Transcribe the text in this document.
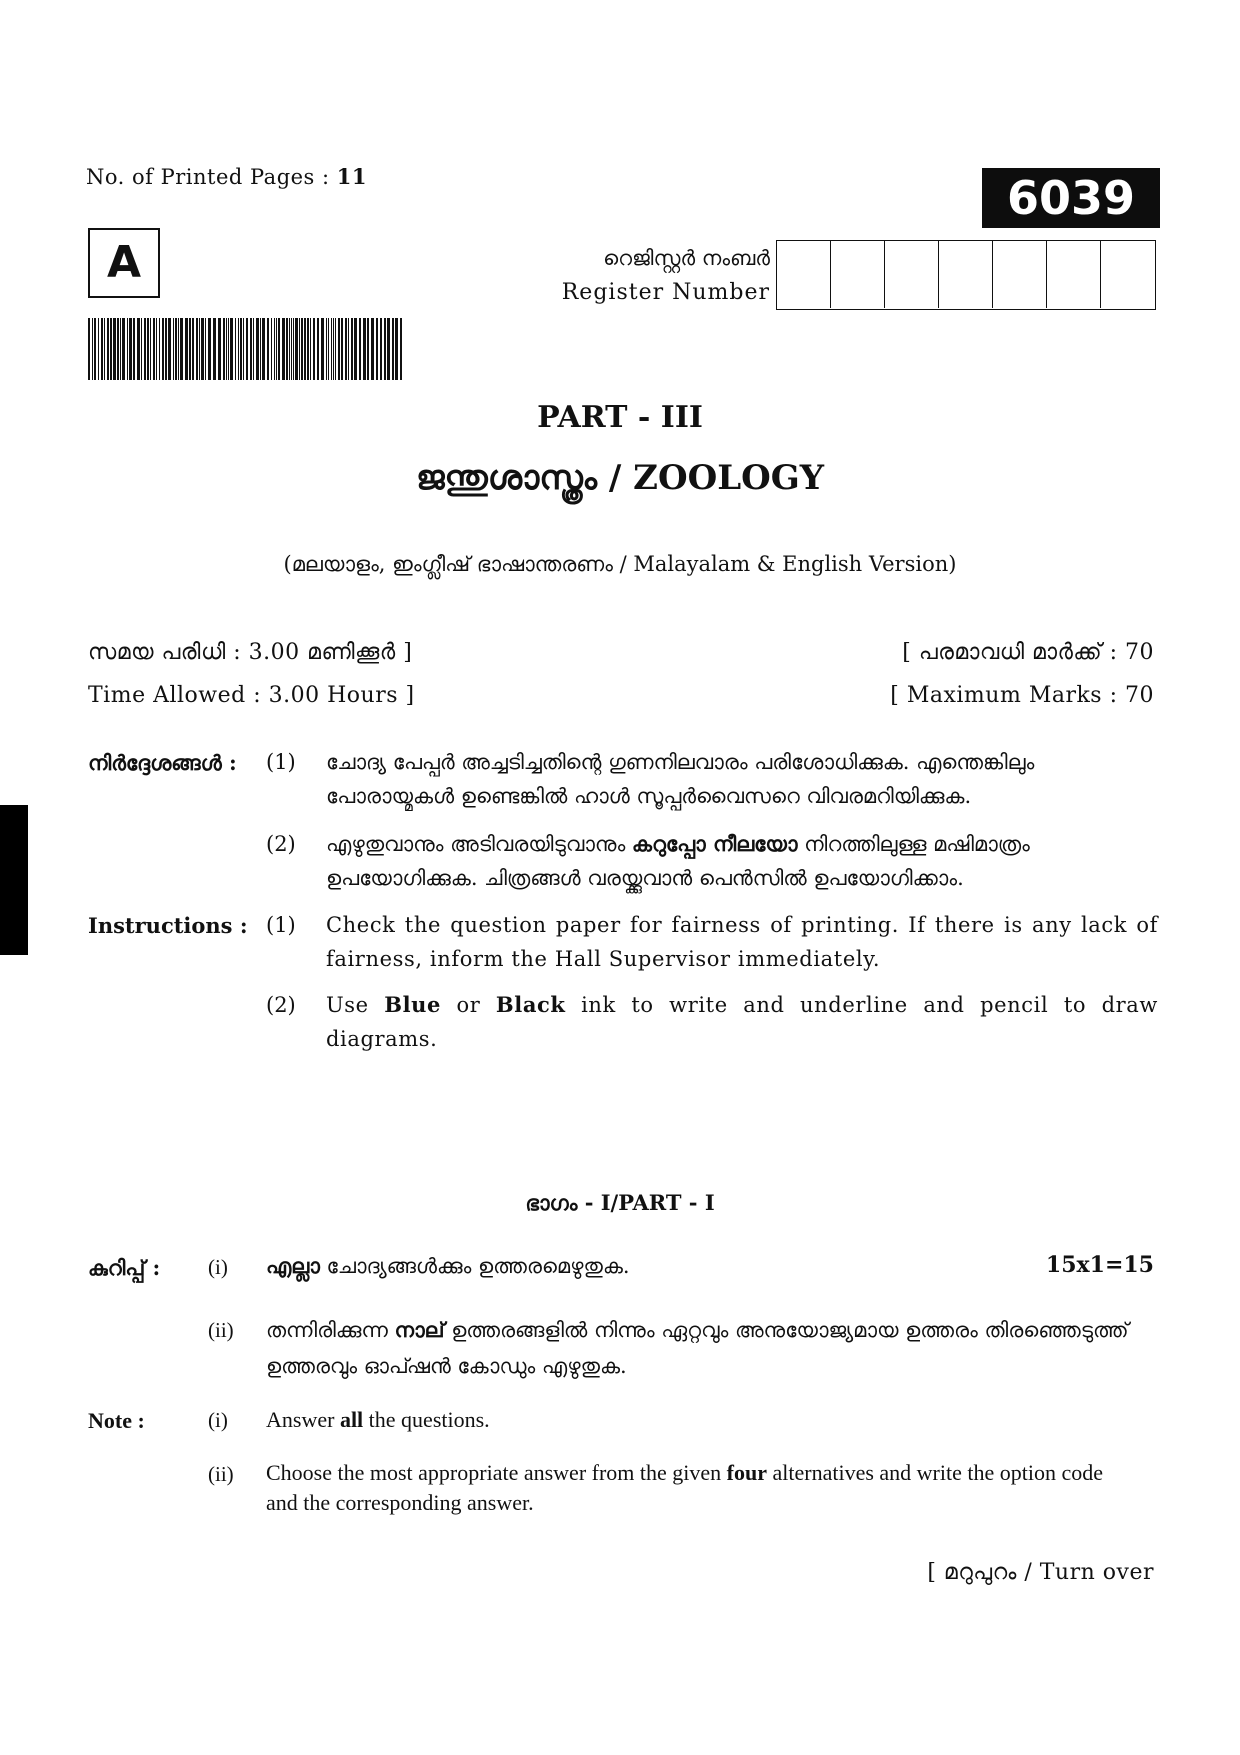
No. of Printed Pages : 11	6039
A	റെജിസ്റ്റർ നംബർ
Register Number
PART - III
ജന്തുശാസ്ത്രം / ZOOLOGY
(മലയാളം, ഇംഗ്ലീഷ് ഭാഷാന്തരണം / Malayalam & English Version)
സമയ പരിധി : 3.00 മണിക്കൂർ ]
Time Allowed : 3.00 Hours ]
[ പരമാവധി മാർക്ക് : 70
[ Maximum Marks : 70
നിർദ്ദേശങ്ങൾ : (1) ചോദ്യ പേപ്പർ അച്ചടിച്ചതിന്റെ ഗുണനിലവാരം പരിശോധിക്കുക. എന്തെങ്കിലും പോരായ്മകൾ ഉണ്ടെങ്കിൽ ഹാൾ സൂപ്പർവൈസറെ വിവരമറിയിക്കുക.
(2) എഴുതുവാനും അടിവരയിടുവാനും കറുപ്പോ നീലയോ നിറത്തിലുള്ള മഷിമാത്രം ഉപയോഗിക്കുക. ചിത്രങ്ങൾ വരയ്ക്കുവാൻ പെൻസിൽ ഉപയോഗിക്കാം.
Instructions : (1) Check the question paper for fairness of printing. If there is any lack of fairness, inform the Hall Supervisor immediately.
(2) Use Blue or Black ink to write and underline and pencil to draw diagrams.
ഭാഗം - I/PART - I
കുറിപ്പ് : (i) എല്ലാ ചോദ്യങ്ങൾക്കും ഉത്തരമെഴുതുക.	15x1=15
(ii) തന്നിരിക്കുന്ന നാല് ഉത്തരങ്ങളിൽ നിന്നും ഏറ്റവും അനുയോജ്യമായ ഉത്തരം തിരഞ്ഞെടുത്ത് ഉത്തരവും ഓപ്ഷൻ കോഡും എഴുതുക.
Note :	(i) Answer all the questions.
(ii) Choose the most appropriate answer from the given four alternatives and write the option code and the corresponding answer.
[ മറുപുറം / Turn over
